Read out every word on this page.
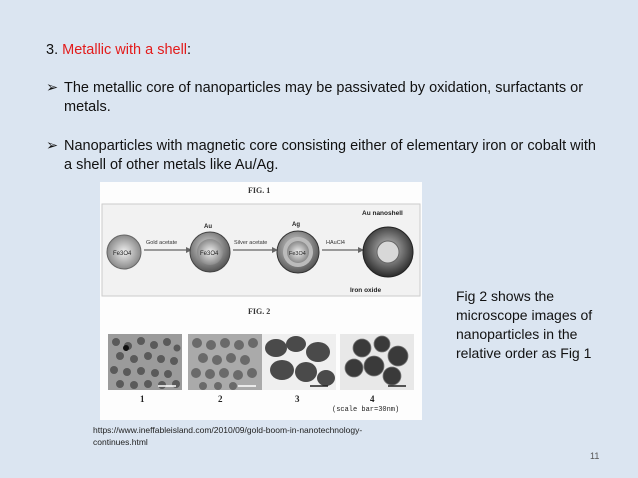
3. Metallic with a shell:
➢ The metallic core of nanoparticles may be passivated by oxidation, surfactants or metals.
➢ Nanoparticles with magnetic core consisting either of elementary iron or cobalt with a shell of other metals like Au/Ag.
FIG. 1
Fe3O4
Gold acetate
Fe3O4
Au
Silver acetate
Fe3O4
Ag
HAuCl4
Au nanoshell
Iron oxide
FIG. 2
1	2	3	4
(scale bar=30nm)
Fig 2 shows the microscope images of nanoparticles in the relative order as Fig 1
https://www.ineffableisland.com/2010/09/gold-boom-in-nanotechnology-continues.html
11
